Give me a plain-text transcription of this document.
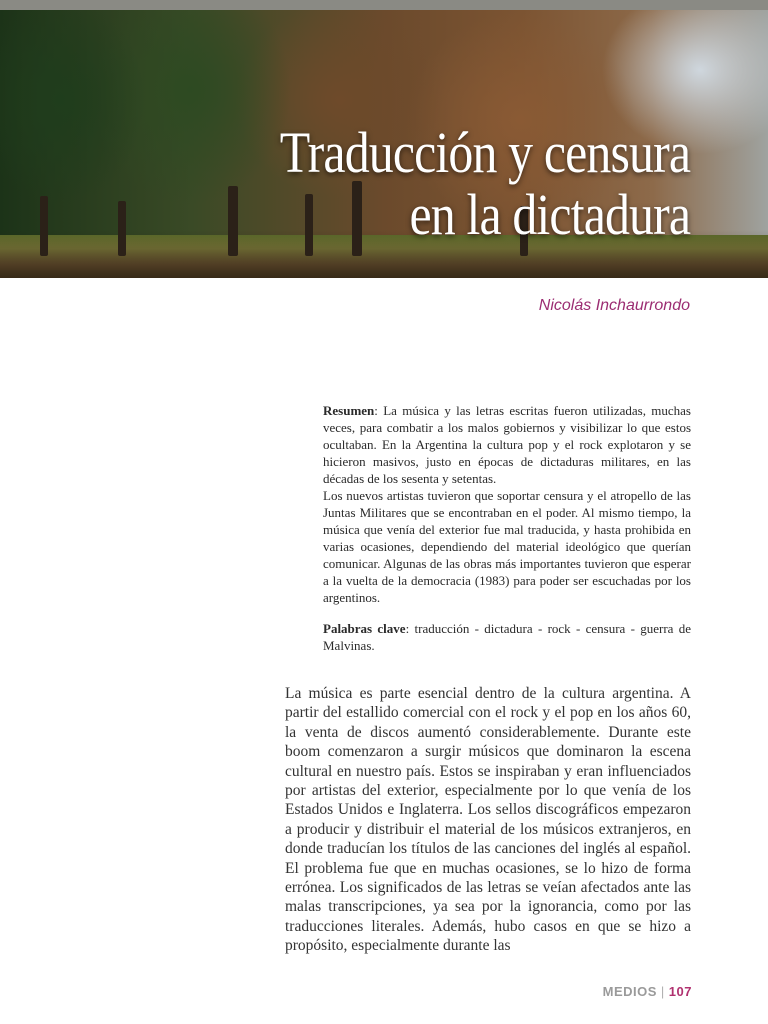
Traducción y censura
en la dictadura
Nicolás Inchaurrondo

Resumen: La música y las letras escritas fueron utilizadas, muchas veces, para combatir a los malos gobiernos y visibilizar lo que estos ocultaban. En la Argentina la cultura pop y el rock explotaron y se hicieron masivos, justo en épocas de dictaduras militares, en las décadas de los sesenta y setentas.

Los nuevos artistas tuvieron que soportar censura y el atropello de las Juntas Militares que se encontraban en el poder. Al mismo tiempo, la música que venía del exterior fue mal traducida, y hasta prohibida en varias ocasiones, dependiendo del material ideológico que querían comunicar. Algunas de las obras más importantes tuvieron que esperar a la vuelta de la democracia (1983) para poder ser escuchadas por los argentinos.

Palabras clave: traducción - dictadura - rock - censura - guerra de Malvinas.

La música es parte esencial dentro de la cultura argentina. A partir del estallido comercial con el rock y el pop en los años 60, la venta de discos aumentó considerablemente. Durante este boom comenzaron a surgir músicos que dominaron la escena cultural en nuestro país. Estos se inspiraban y eran influenciados por artistas del exterior, especialmente por lo que venía de los Estados Unidos e Inglaterra. Los sellos discográficos empezaron a producir y distribuir el material de los músicos extranjeros, en donde traducían los títulos de las canciones del inglés al español. El problema fue que en muchas ocasiones, se lo hizo de forma errónea. Los significados de las letras se veían afectados ante las malas transcripciones, ya sea por la ignorancia, como por las traducciones literales. Además, hubo casos en que se hizo a propósito, especialmente durante las

MEDIOS | 107
